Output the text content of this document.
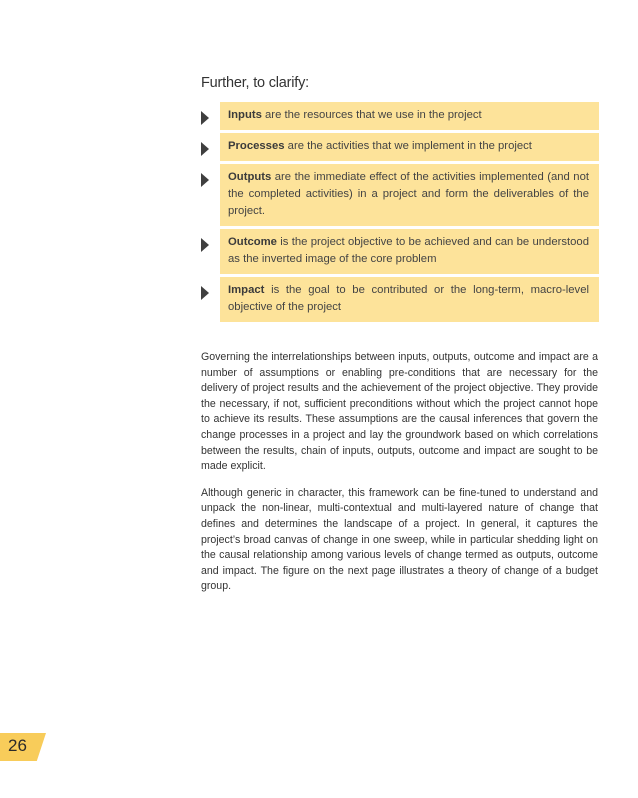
Further, to clarify:
Inputs are the resources that we use in the project
Processes are the activities that we implement in the project
Outputs are the immediate effect of the activities implemented (and not the completed activities) in a project and form the deliverables of the project.
Outcome is the project objective to be achieved and can be understood as the inverted image of the core problem
Impact is the goal to be contributed or the long-term, macro-level objective of the project

Governing the interrelationships between inputs, outputs, outcome and impact are a number of assumptions or enabling pre-conditions that are necessary for the delivery of project results and the achievement of the project objective. They provide the necessary, if not, sufficient preconditions without which the project cannot hope to achieve its results. These assumptions are the causal inferences that govern the change processes in a project and lay the groundwork based on which correlations between the results, chain of inputs, outputs, outcome and impact are sought to be made explicit.

Although generic in character, this framework can be fine-tuned to understand and unpack the non-linear, multi-contextual and multi-layered nature of change that defines and determines the landscape of a project. In general, it captures the project’s broad canvas of change in one sweep, while in particular shedding light on the causal relationship among various levels of change termed as outputs, outcome and impact. The figure on the next page illustrates a theory of change of a budget group.

26
